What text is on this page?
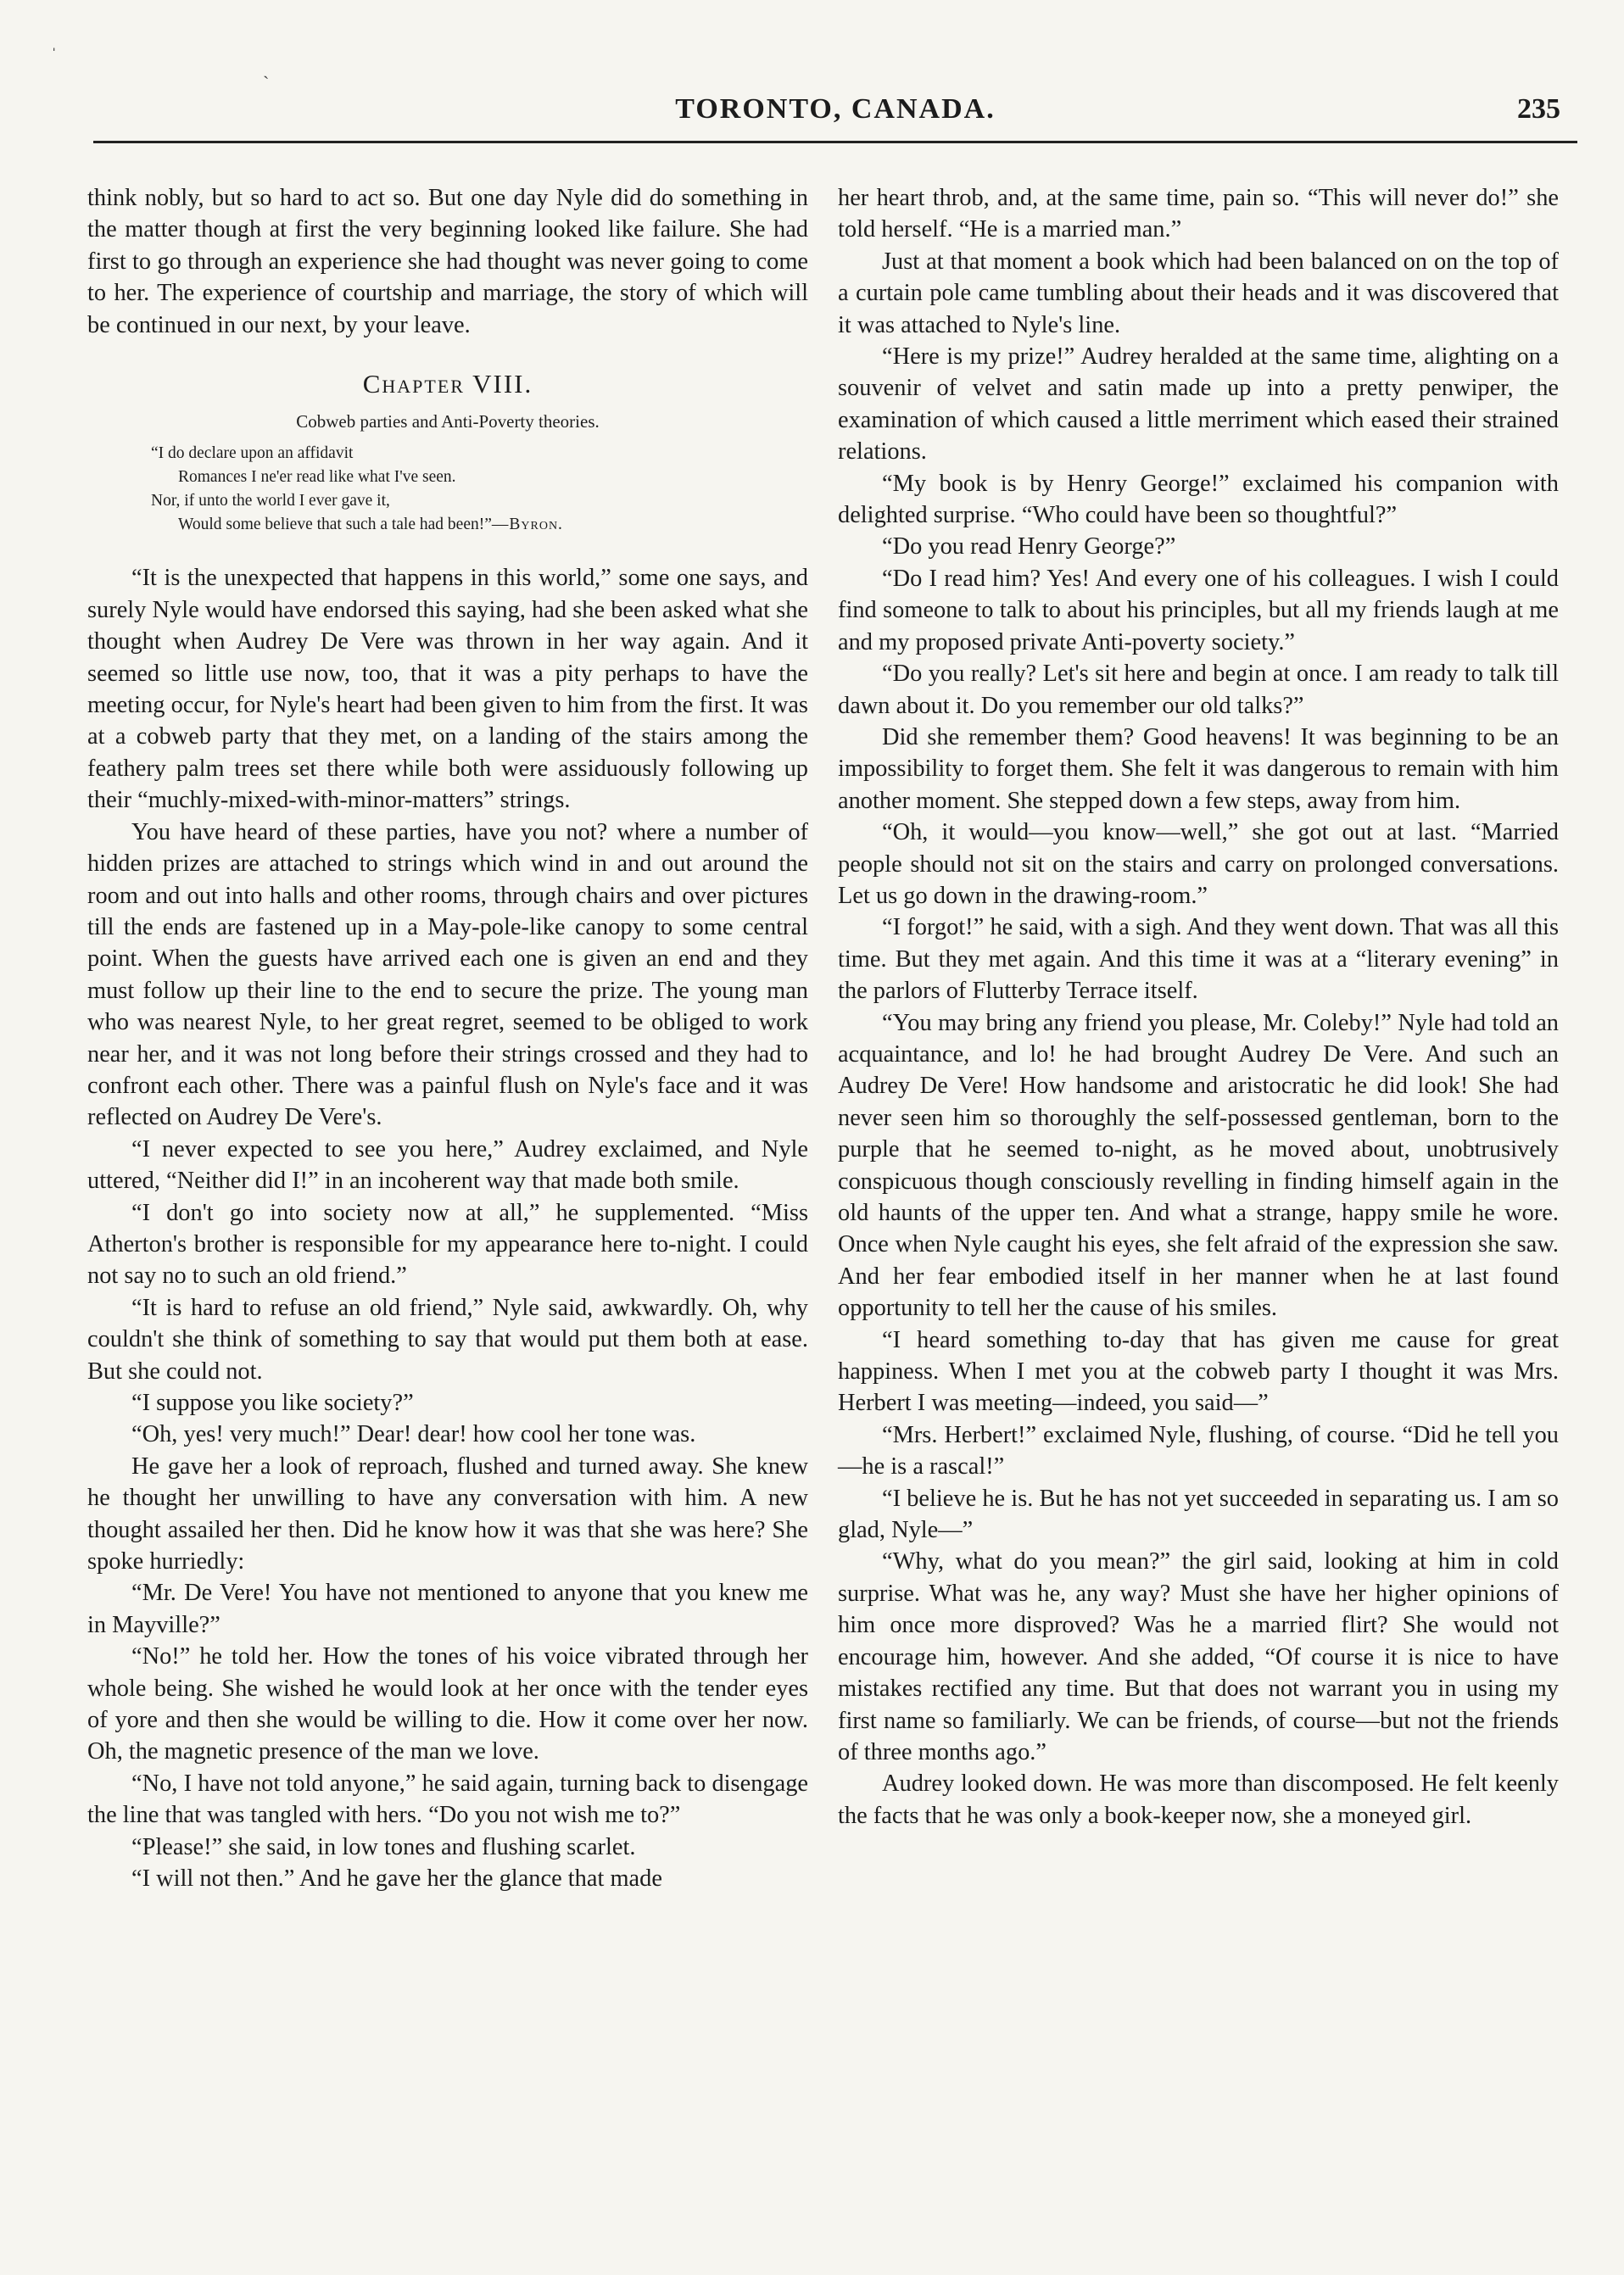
TORONTO, CANADA.	235
ˈ
ˏ

think nobly, but so hard to act so. But one day Nyle did do something in the matter though at first the very beginning looked like failure. She had first to go through an experience she had thought was never going to come to her. The experience of courtship and marriage, the story of which will be continued in our next, by your leave.

Chapter VIII.
Cobweb parties and Anti-Poverty theories.
“I do declare upon an affidavit
Romances I ne'er read like what I've seen.
Nor, if unto the world I ever gave it,
Would some believe that such a tale had been!”—Byron.

“It is the unexpected that happens in this world,” some one says, and surely Nyle would have endorsed this saying, had she been asked what she thought when Audrey De Vere was thrown in her way again. And it seemed so little use now, too, that it was a pity perhaps to have the meeting occur, for Nyle's heart had been given to him from the first. It was at a cobweb party that they met, on a landing of the stairs among the feathery palm trees set there while both were assiduously following up their “muchly-mixed-with-minor-matters” strings.

You have heard of these parties, have you not? where a number of hidden prizes are attached to strings which wind in and out around the room and out into halls and other rooms, through chairs and over pictures till the ends are fastened up in a May-pole-like canopy to some central point. When the guests have arrived each one is given an end and they must follow up their line to the end to secure the prize. The young man who was nearest Nyle, to her great regret, seemed to be obliged to work near her, and it was not long before their strings crossed and they had to confront each other. There was a painful flush on Nyle's face and it was reflected on Audrey De Vere's.

“I never expected to see you here,” Audrey exclaimed, and Nyle uttered, “Neither did I!” in an incoherent way that made both smile.

“I don't go into society now at all,” he supplemented. “Miss Atherton's brother is responsible for my appearance here to-night. I could not say no to such an old friend.”

“It is hard to refuse an old friend,” Nyle said, awkwardly. Oh, why couldn't she think of something to say that would put them both at ease. But she could not.

“I suppose you like society?”

“Oh, yes! very much!” Dear! dear! how cool her tone was.

He gave her a look of reproach, flushed and turned away. She knew he thought her unwilling to have any conversation with him. A new thought assailed her then. Did he know how it was that she was here? She spoke hurriedly:

“Mr. De Vere! You have not mentioned to anyone that you knew me in Mayville?”

“No!” he told her. How the tones of his voice vibrated through her whole being. She wished he would look at her once with the tender eyes of yore and then she would be willing to die. How it come over her now. Oh, the magnetic presence of the man we love.

“No, I have not told anyone,” he said again, turning back to disengage the line that was tangled with hers. “Do you not wish me to?”

“Please!” she said, in low tones and flushing scarlet.

“I will not then.” And he gave her the glance that made

her heart throb, and, at the same time, pain so. “This will never do!” she told herself. “He is a married man.”

Just at that moment a book which had been balanced on on the top of a curtain pole came tumbling about their heads and it was discovered that it was attached to Nyle's line.

“Here is my prize!” Audrey heralded at the same time, alighting on a souvenir of velvet and satin made up into a pretty penwiper, the examination of which caused a little merriment which eased their strained relations.

“My book is by Henry George!” exclaimed his companion with delighted surprise. “Who could have been so thoughtful?”

“Do you read Henry George?”

“Do I read him? Yes! And every one of his colleagues. I wish I could find someone to talk to about his principles, but all my friends laugh at me and my proposed private Anti-poverty society.”

“Do you really? Let's sit here and begin at once. I am ready to talk till dawn about it. Do you remember our old talks?”

Did she remember them? Good heavens! It was beginning to be an impossibility to forget them. She felt it was dangerous to remain with him another moment. She stepped down a few steps, away from him.

“Oh, it would—you know—well,” she got out at last. “Married people should not sit on the stairs and carry on prolonged conversations. Let us go down in the drawing-room.”

“I forgot!” he said, with a sigh. And they went down. That was all this time. But they met again. And this time it was at a “literary evening” in the parlors of Flutterby Terrace itself.

“You may bring any friend you please, Mr. Coleby!” Nyle had told an acquaintance, and lo! he had brought Audrey De Vere. And such an Audrey De Vere! How handsome and aristocratic he did look! She had never seen him so thoroughly the self-possessed gentleman, born to the purple that he seemed to-night, as he moved about, unobtrusively conspicuous though consciously revelling in finding himself again in the old haunts of the upper ten. And what a strange, happy smile he wore. Once when Nyle caught his eyes, she felt afraid of the expression she saw. And her fear embodied itself in her manner when he at last found opportunity to tell her the cause of his smiles.

“I heard something to-day that has given me cause for great happiness. When I met you at the cobweb party I thought it was Mrs. Herbert I was meeting—indeed, you said—”

“Mrs. Herbert!” exclaimed Nyle, flushing, of course. “Did he tell you—he is a rascal!”

“I believe he is. But he has not yet succeeded in separating us. I am so glad, Nyle—”

“Why, what do you mean?” the girl said, looking at him in cold surprise. What was he, any way? Must she have her higher opinions of him once more disproved? Was he a married flirt? She would not encourage him, however. And she added, “Of course it is nice to have mistakes rectified any time. But that does not warrant you in using my first name so familiarly. We can be friends, of course—but not the friends of three months ago.”

Audrey looked down. He was more than discomposed. He felt keenly the facts that he was only a book-keeper now, she a moneyed girl.
